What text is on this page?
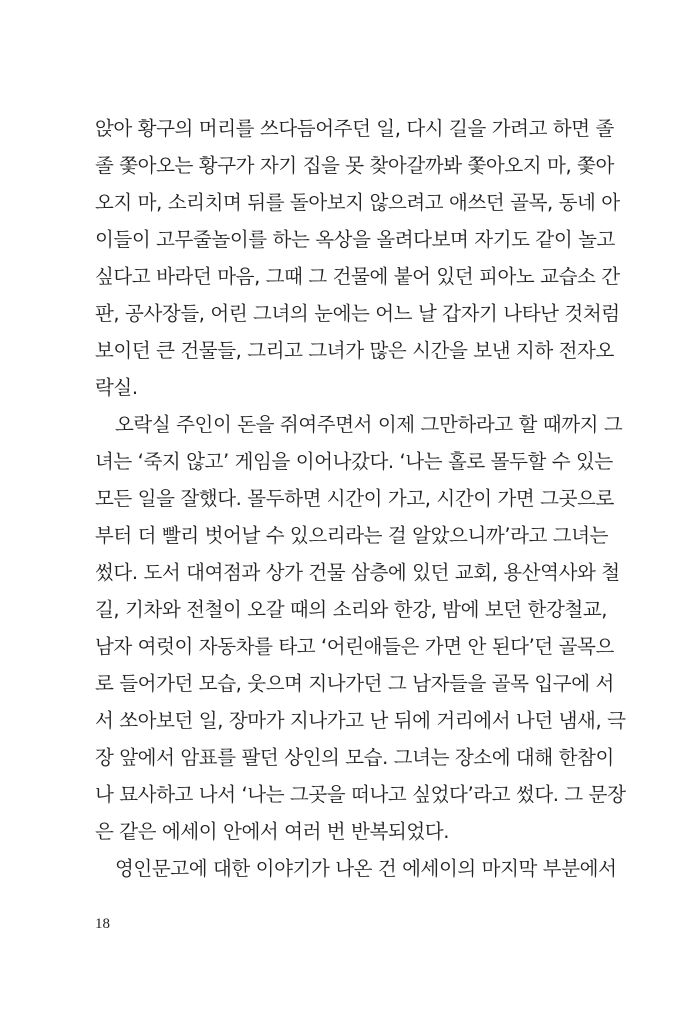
앉아 황구의 머리를 쓰다듬어주던 일, 다시 길을 가려고 하면 졸
졸 쫓아오는 황구가 자기 집을 못 찾아갈까봐 쫓아오지 마, 쫓아
오지 마, 소리치며 뒤를 돌아보지 않으려고 애쓰던 골목, 동네 아
이들이 고무줄놀이를 하는 옥상을 올려다보며 자기도 같이 놀고
싶다고 바라던 마음, 그때 그 건물에 붙어 있던 피아노 교습소 간
판, 공사장들, 어린 그녀의 눈에는 어느 날 갑자기 나타난 것처럼
보이던 큰 건물들, 그리고 그녀가 많은 시간을 보낸 지하 전자오
락실.
오락실 주인이 돈을 쥐여주면서 이제 그만하라고 할 때까지 그
녀는 ‘죽지 않고’ 게임을 이어나갔다. ‘나는 홀로 몰두할 수 있는
모든 일을 잘했다. 몰두하면 시간이 가고, 시간이 가면 그곳으로
부터 더 빨리 벗어날 수 있으리라는 걸 알았으니까’라고 그녀는
썼다. 도서 대여점과 상가 건물 삼층에 있던 교회, 용산역사와 철
길, 기차와 전철이 오갈 때의 소리와 한강, 밤에 보던 한강철교,
남자 여럿이 자동차를 타고 ‘어린애들은 가면 안 된다’던 골목으
로 들어가던 모습, 웃으며 지나가던 그 남자들을 골목 입구에 서
서 쏘아보던 일, 장마가 지나가고 난 뒤에 거리에서 나던 냄새, 극
장 앞에서 암표를 팔던 상인의 모습. 그녀는 장소에 대해 한참이
나 묘사하고 나서 ‘나는 그곳을 떠나고 싶었다’라고 썼다. 그 문장
은 같은 에세이 안에서 여러 번 반복되었다.
영인문고에 대한 이야기가 나온 건 에세이의 마지막 부분에서
18
